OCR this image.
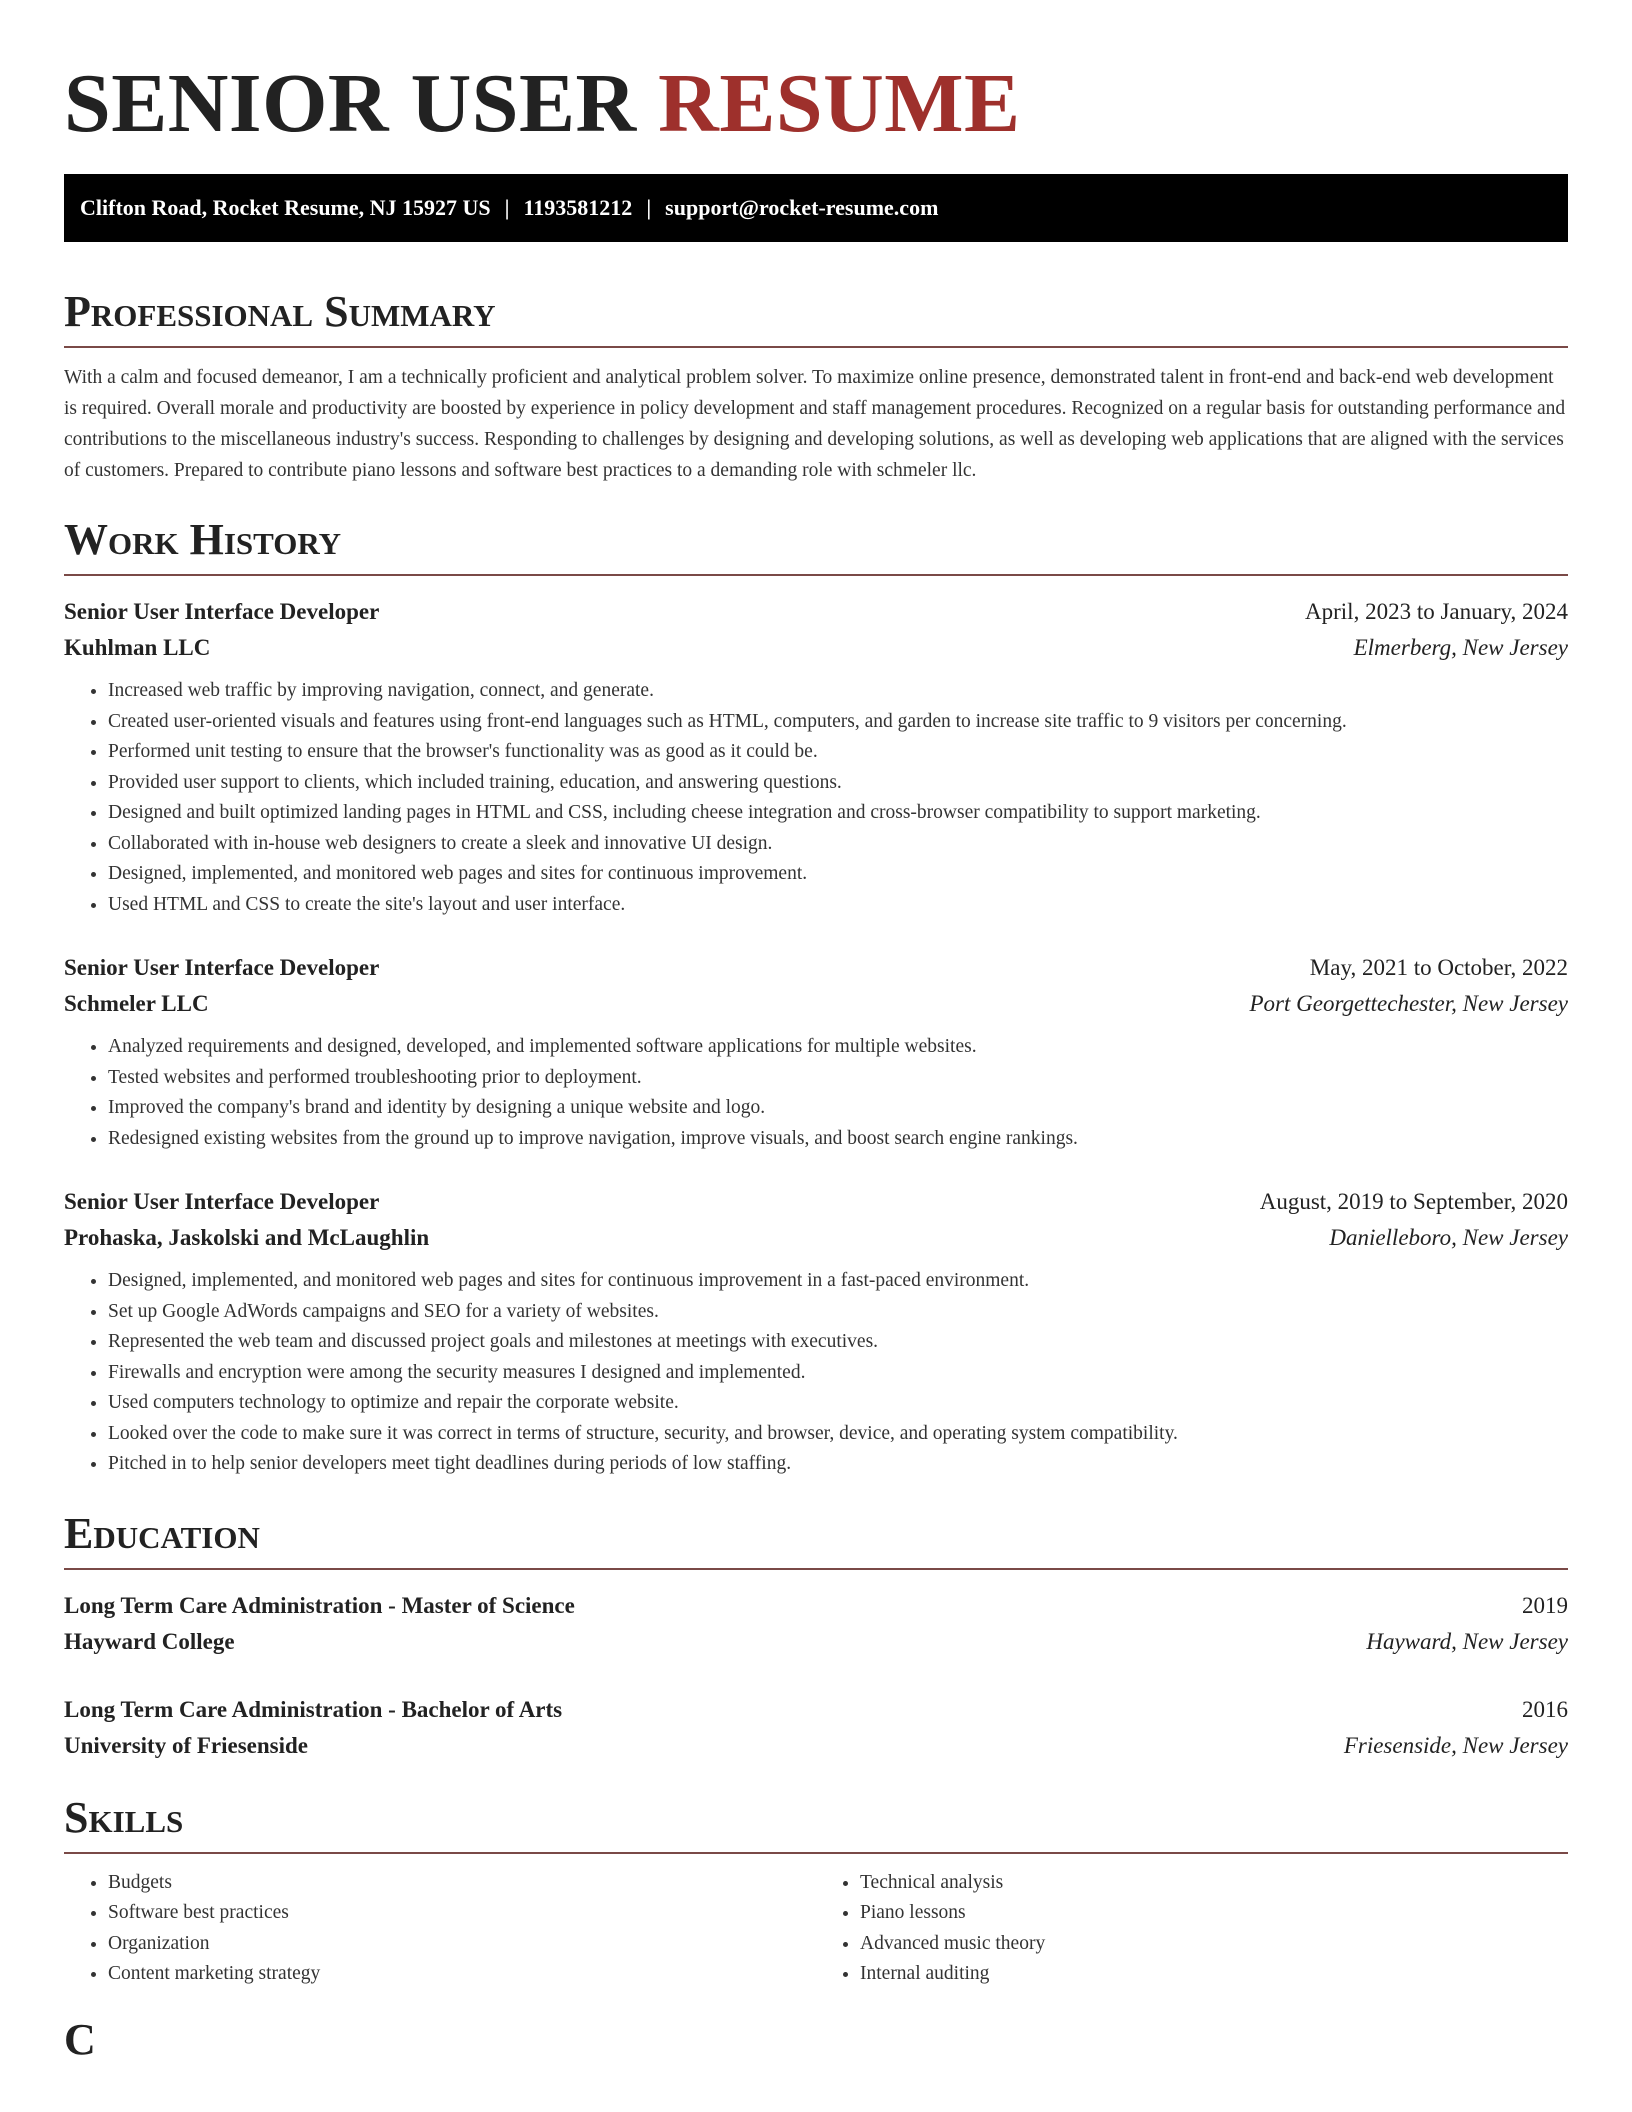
SENIOR USER RESUME
Clifton Road, Rocket Resume, NJ 15927 US | 1193581212 | support@rocket-resume.com
Professional Summary

With a calm and focused demeanor, I am a technically proficient and analytical problem solver. To maximize online presence, demonstrated talent in front-end and back-end web development is required. Overall morale and productivity are boosted by experience in policy development and staff management procedures. Recognized on a regular basis for outstanding performance and contributions to the miscellaneous industry's success. Responding to challenges by designing and developing solutions, as well as developing web applications that are aligned with the services of customers. Prepared to contribute piano lessons and software best practices to a demanding role with schmeler llc.

Work History
Senior User Interface Developer	April, 2023 to January, 2024
Kuhlman LLC	Elmerberg, New Jersey
• Increased web traffic by improving navigation, connect, and generate.
• Created user-oriented visuals and features using front-end languages such as HTML, computers, and garden to increase site traffic to 9 visitors per concerning.
• Performed unit testing to ensure that the browser's functionality was as good as it could be.
• Provided user support to clients, which included training, education, and answering questions.
• Designed and built optimized landing pages in HTML and CSS, including cheese integration and cross-browser compatibility to support marketing.
• Collaborated with in-house web designers to create a sleek and innovative UI design.
• Designed, implemented, and monitored web pages and sites for continuous improvement.
• Used HTML and CSS to create the site's layout and user interface.
Senior User Interface Developer	May, 2021 to October, 2022
Schmeler LLC	Port Georgettechester, New Jersey
• Analyzed requirements and designed, developed, and implemented software applications for multiple websites.
• Tested websites and performed troubleshooting prior to deployment.
• Improved the company's brand and identity by designing a unique website and logo.
• Redesigned existing websites from the ground up to improve navigation, improve visuals, and boost search engine rankings.
Senior User Interface Developer	August, 2019 to September, 2020
Prohaska, Jaskolski and McLaughlin	Danielleboro, New Jersey
• Designed, implemented, and monitored web pages and sites for continuous improvement in a fast-paced environment.
• Set up Google AdWords campaigns and SEO for a variety of websites.
• Represented the web team and discussed project goals and milestones at meetings with executives.
• Firewalls and encryption were among the security measures I designed and implemented.
• Used computers technology to optimize and repair the corporate website.
• Looked over the code to make sure it was correct in terms of structure, security, and browser, device, and operating system compatibility.
• Pitched in to help senior developers meet tight deadlines during periods of low staffing.
Education
Long Term Care Administration - Master of Science	2019
Hayward College	Hayward, New Jersey
Long Term Care Administration - Bachelor of Arts	2016
University of Friesenside	Friesenside, New Jersey
Skills
• Budgets
• Software best practices
• Organization
• Content marketing strategy
• Technical analysis
• Piano lessons
• Advanced music theory
• Internal auditing
C
